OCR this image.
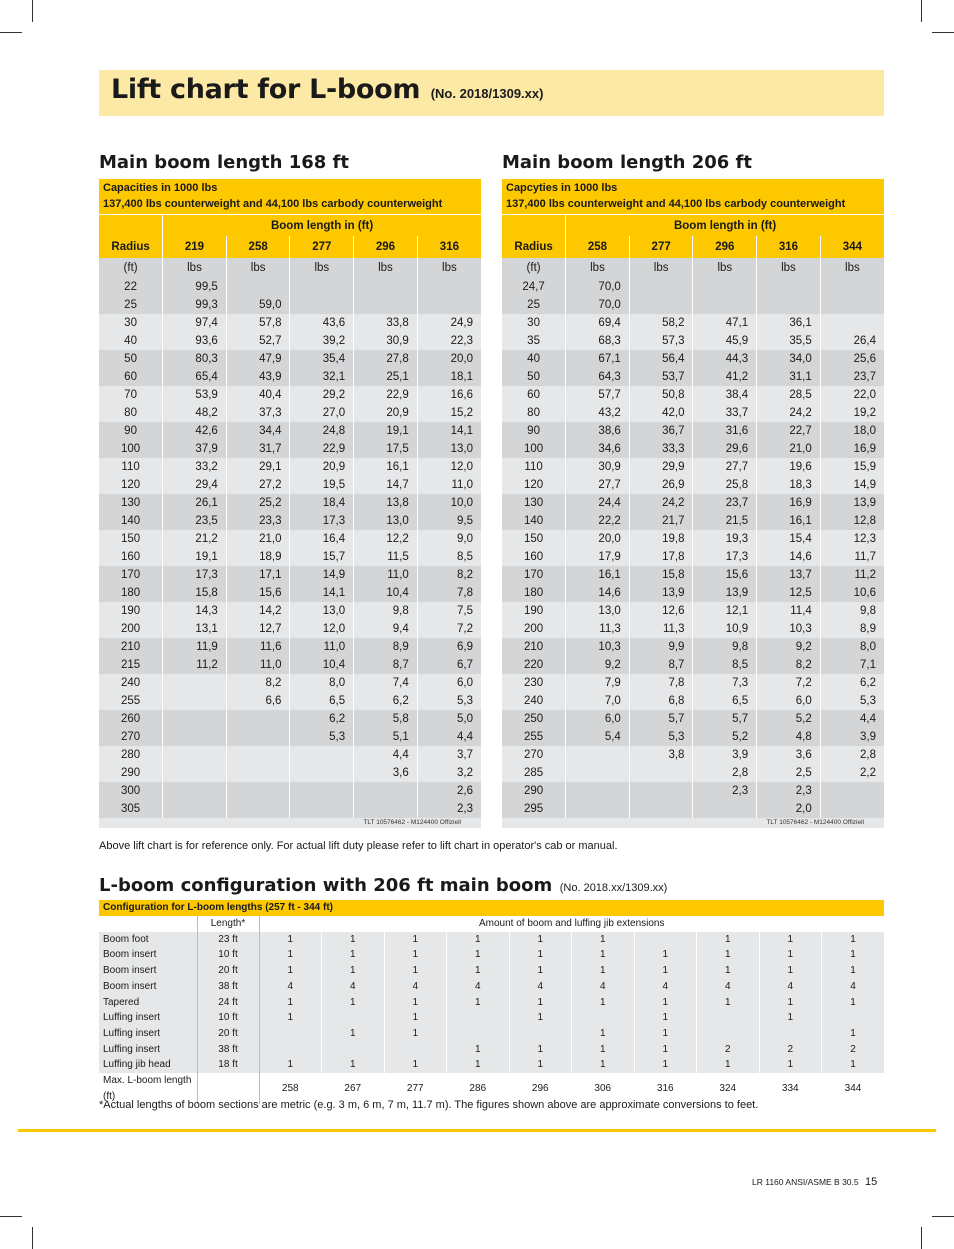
Lift chart for L-boom (No. 2018/1309.xx)
Main boom length 168 ft	Main boom length 206 ft
Capacities in 1000 lbs
137,400 lbs counterweight and 44,100 lbs carbody counterweight
	Boom length in (ft)				
Radius	219	258	277	296	316
(ft)	lbs	lbs	lbs	lbs	lbs
22	99,5				
25	99,3	59,0			
30	97,4	57,8	43,6	33,8	24,9
40	93,6	52,7	39,2	30,9	22,3
50	80,3	47,9	35,4	27,8	20,0
60	65,4	43,9	32,1	25,1	18,1
70	53,9	40,4	29,2	22,9	16,6
80	48,2	37,3	27,0	20,9	15,2
90	42,6	34,4	24,8	19,1	14,1
100	37,9	31,7	22,9	17,5	13,0
110	33,2	29,1	20,9	16,1	12,0
120	29,4	27,2	19,5	14,7	11,0
130	26,1	25,2	18,4	13,8	10,0
140	23,5	23,3	17,3	13,0	9,5
150	21,2	21,0	16,4	12,2	9,0
160	19,1	18,9	15,7	11,5	8,5
170	17,3	17,1	14,9	11,0	8,2
180	15,8	15,6	14,1	10,4	7,8
190	14,3	14,2	13,0	9,8	7,5
200	13,1	12,7	12,0	9,4	7,2
210	11,9	11,6	11,0	8,9	6,9
215	11,2	11,0	10,4	8,7	6,7
240		8,2	8,0	7,4	6,0
255		6,6	6,5	6,2	5,3
260			6,2	5,8	5,0
270			5,3	5,1	4,4
280				4,4	3,7
290				3,6	3,2
300					2,6
305					2,3
TLT 10576462 - M124400 Offiziell
Capcyties in 1000 lbs
137,400 lbs counterweight and 44,100 lbs carbody counterweight
	Boom length in (ft)				
Radius	258	277	296	316	344
(ft)	lbs	lbs	lbs	lbs	lbs
24,7	70,0				
25	70,0				
30	69,4	58,2	47,1	36,1	
35	68,3	57,3	45,9	35,5	26,4
40	67,1	56,4	44,3	34,0	25,6
50	64,3	53,7	41,2	31,1	23,7
60	57,7	50,8	38,4	28,5	22,0
80	43,2	42,0	33,7	24,2	19,2
90	38,6	36,7	31,6	22,7	18,0
100	34,6	33,3	29,6	21,0	16,9
110	30,9	29,9	27,7	19,6	15,9
120	27,7	26,9	25,8	18,3	14,9
130	24,4	24,2	23,7	16,9	13,9
140	22,2	21,7	21,5	16,1	12,8
150	20,0	19,8	19,3	15,4	12,3
160	17,9	17,8	17,3	14,6	11,7
170	16,1	15,8	15,6	13,7	11,2
180	14,6	13,9	13,9	12,5	10,6
190	13,0	12,6	12,1	11,4	9,8
200	11,3	11,3	10,9	10,3	8,9
210	10,3	9,9	9,8	9,2	8,0
220	9,2	8,7	8,5	8,2	7,1
230	7,9	7,8	7,3	7,2	6,2
240	7,0	6,8	6,5	6,0	5,3
250	6,0	5,7	5,7	5,2	4,4
255	5,4	5,3	5,2	4,8	3,9
270		3,8	3,9	3,6	2,8
285			2,8	2,5	2,2
290			2,3	2,3	
295				2,0	
TLT 10576462 - M124400 Offiziell
Above lift chart is for reference only. For actual lift duty please refer to lift chart in operator's cab or manual.
L-boom configuration with 206 ft main boom (No. 2018.xx/1309.xx)
Configuration for L-boom lengths (257 ft - 344 ft)
	Length*	Amount of boom and luffing jib extensions									
Boom foot	23 ft	1	1	1	1	1	1		1	1	1
Boom insert	10 ft	1	1	1	1	1	1	1	1	1	1
Boom insert	20 ft	1	1	1	1	1	1	1	1	1	1
Boom insert	38 ft	4	4	4	4	4	4	4	4	4	4
Tapered	24 ft	1	1	1	1	1	1	1	1	1	1
Luffing insert	10 ft	1		1		1		1		1	
Luffing insert	20 ft		1	1			1	1			1
Luffing insert	38 ft				1	1	1	1	2	2	2
Luffing jib head	18 ft	1	1	1	1	1	1	1	1	1	1
Max. L-boom length (ft)		258	267	277	286	296	306	316	324	334	344
*Actual lengths of boom sections are metric (e.g. 3 m, 6 m, 7 m, 11.7 m). The figures shown above are approximate conversions to feet.
LR 1160 ANSI/ASME B 30.5 15
